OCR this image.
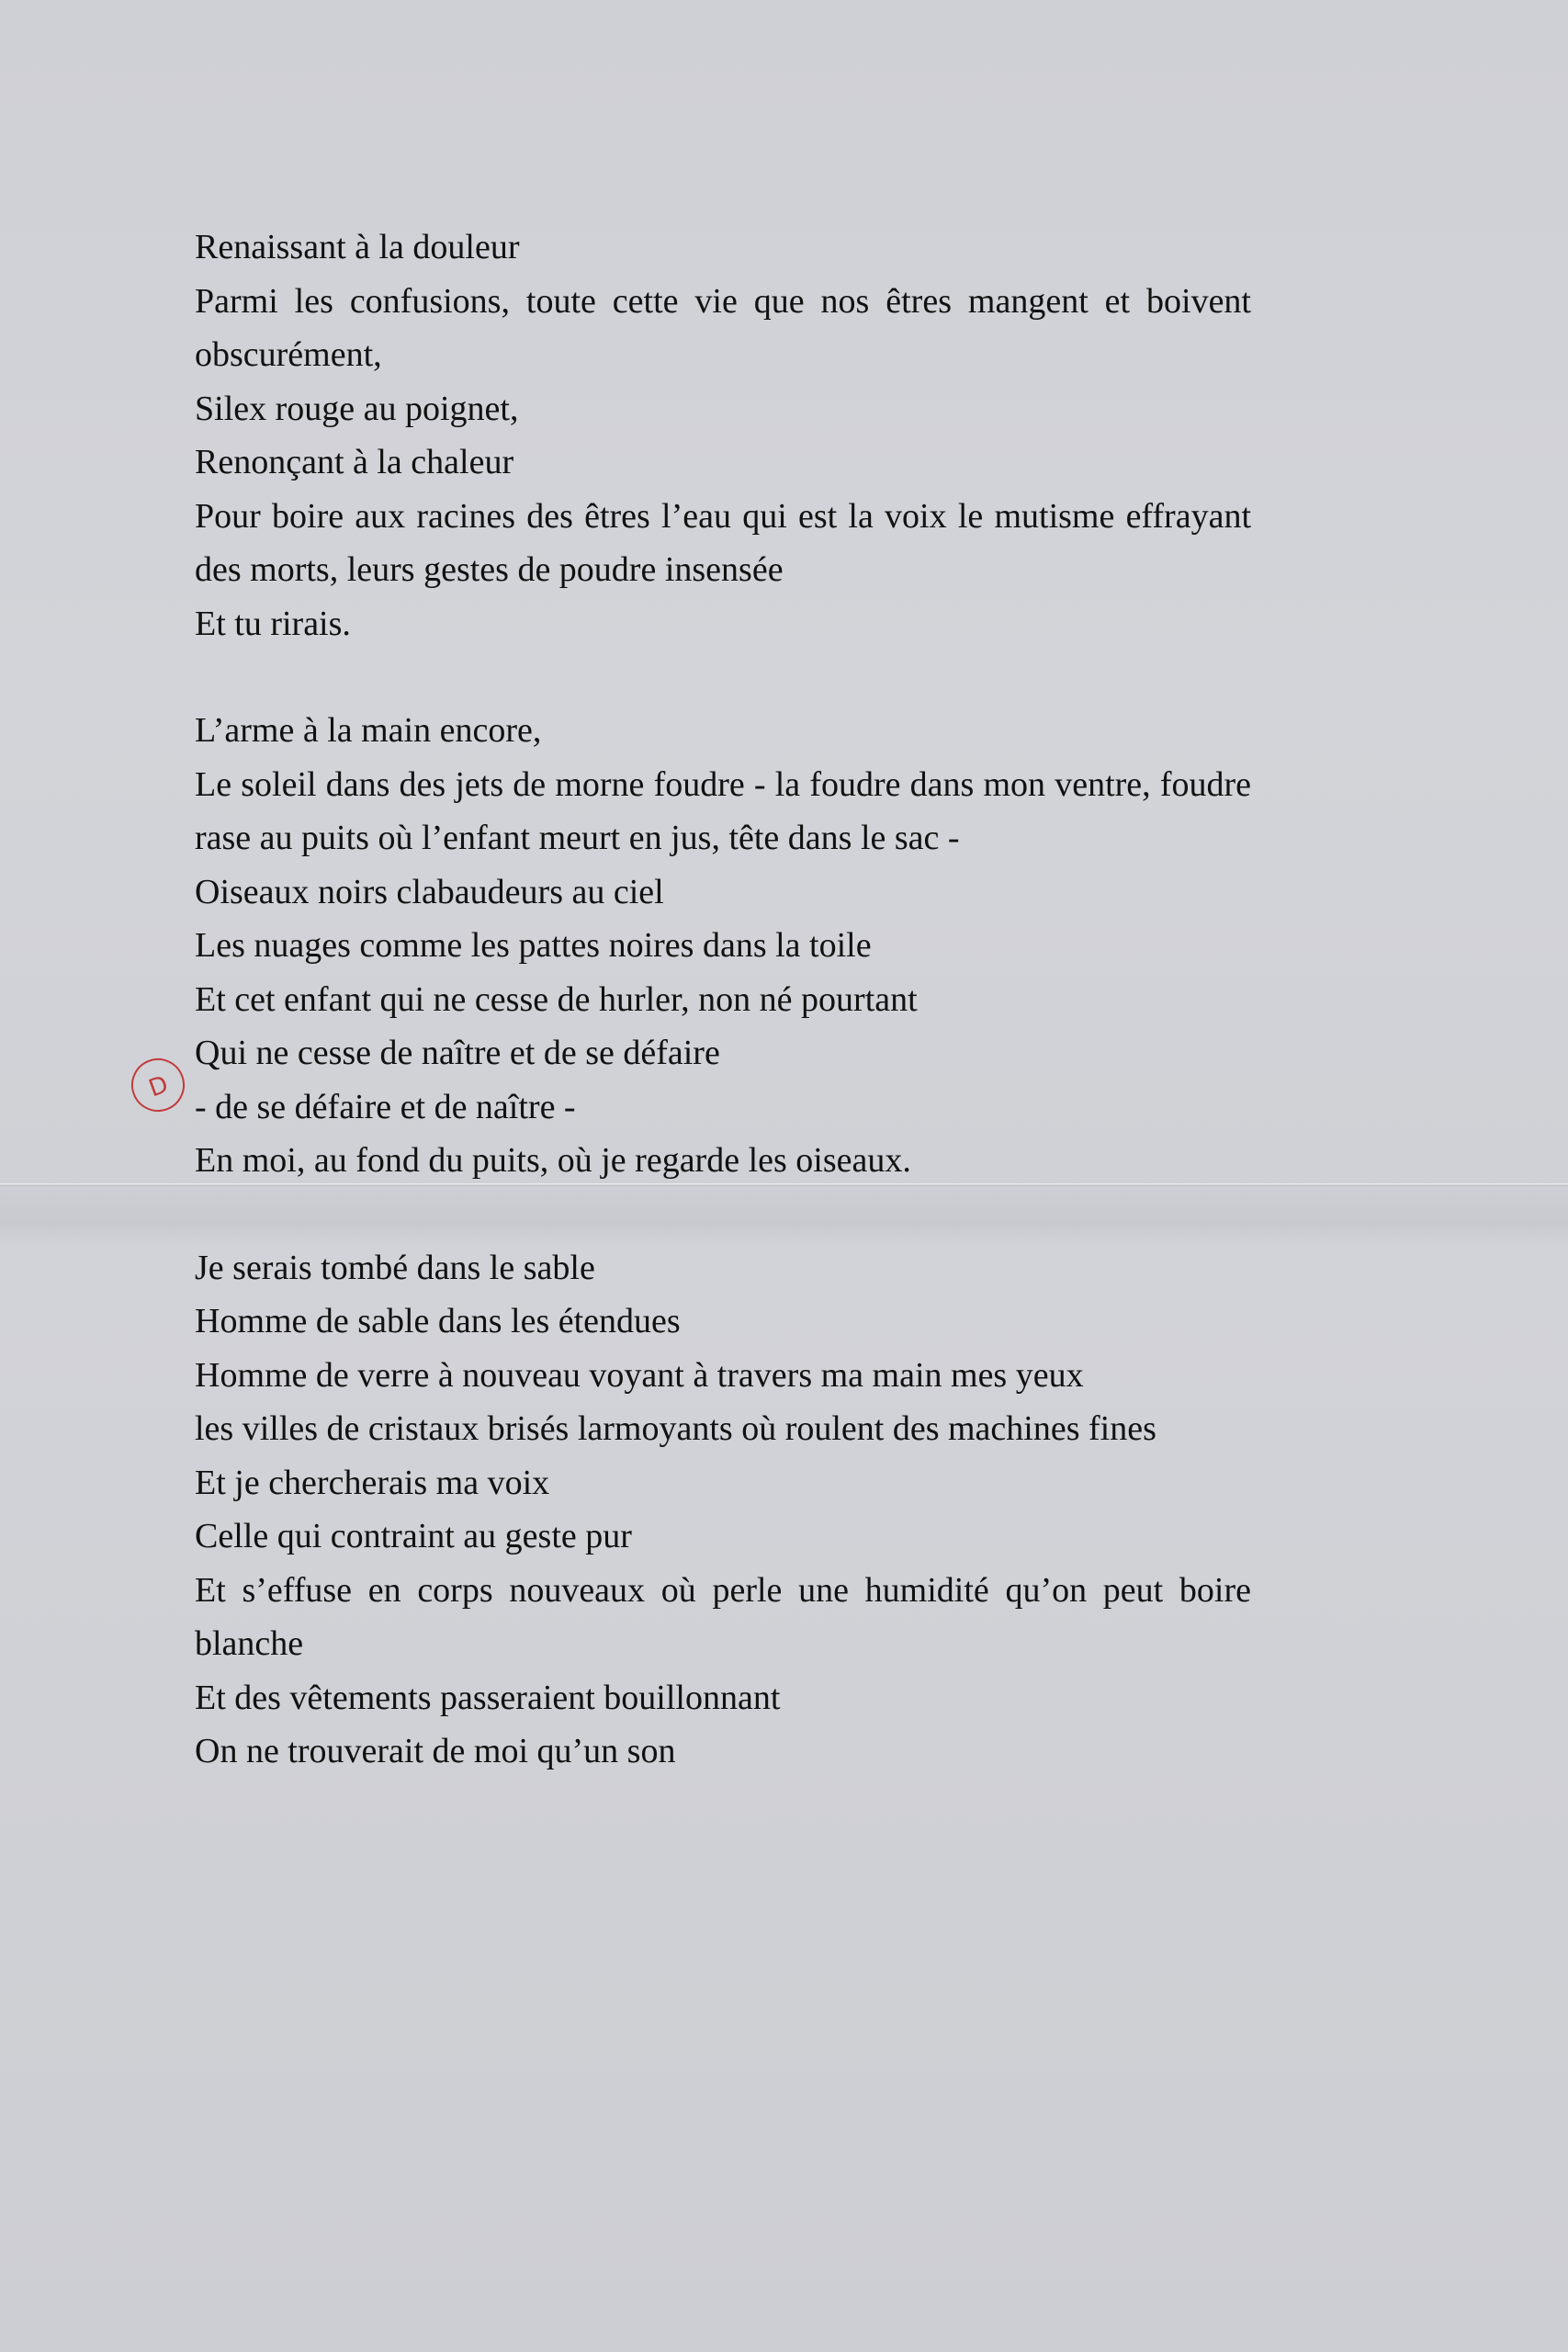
D
Renaissant à la douleur
Parmi les confusions, toute cette vie que nos êtres mangent et boivent obscurément,
Silex rouge au poignet,
Renonçant à la chaleur
Pour boire aux racines des êtres l’eau qui est la voix le mutisme effrayant des morts, leurs gestes de poudre insensée
Et tu rirais.
L’arme à la main encore,
Le soleil dans des jets de morne foudre - la foudre dans mon ventre, foudre rase au puits où l’enfant meurt en jus, tête dans le sac -
Oiseaux noirs clabaudeurs au ciel
Les nuages comme les pattes noires dans la toile
Et cet enfant qui ne cesse de hurler, non né pourtant
Qui ne cesse de naître et de se défaire
- de se défaire et de naître -
En moi, au fond du puits, où je regarde les oiseaux.
Je serais tombé dans le sable
Homme de sable dans les étendues
Homme de verre à nouveau voyant à travers ma main mes yeux
les villes de cristaux brisés larmoyants où roulent des machines fines
Et je chercherais ma voix
Celle qui contraint au geste pur
Et s’effuse en corps nouveaux où perle une humidité qu’on peut boire blanche
Et des vêtements passeraient bouillonnant
On ne trouverait de moi qu’un son
